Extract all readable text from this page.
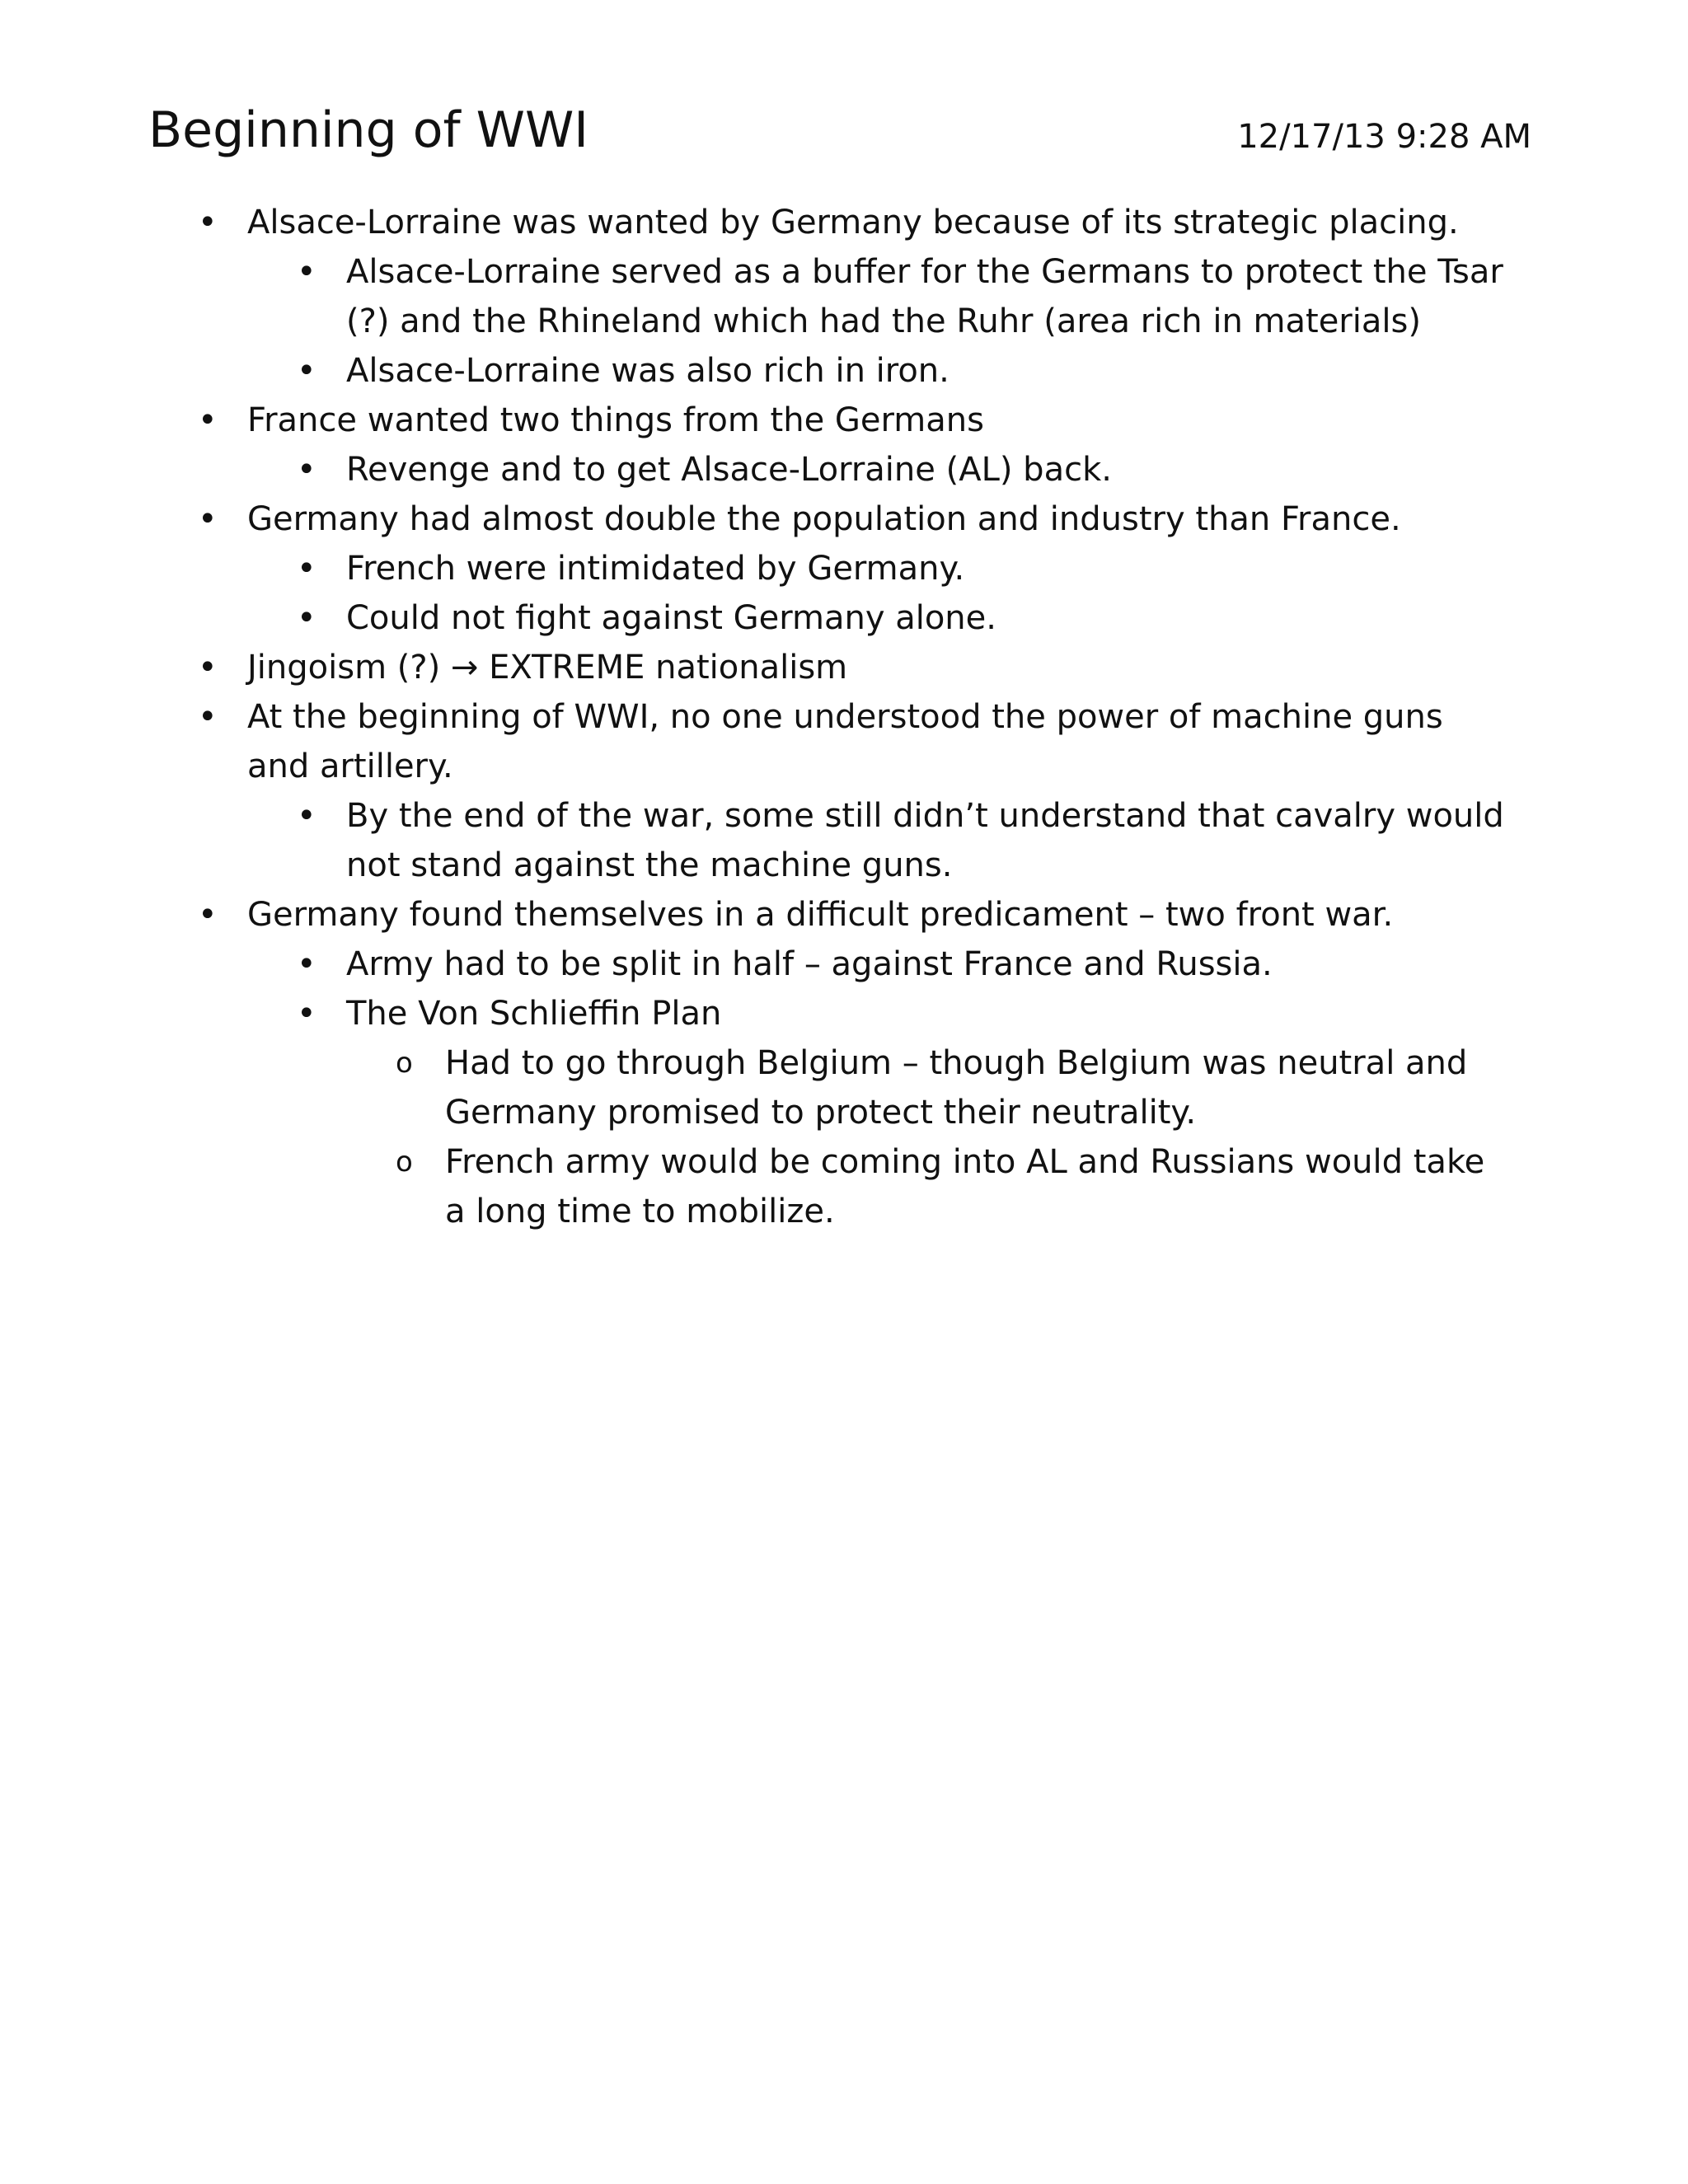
Beginning of WWI	12/17/13 9:28 AM
• Alsace-Lorraine was wanted by Germany because of its strategic placing.
• Alsace-Lorraine served as a buffer for the Germans to protect the Tsar (?) and the Rhineland which had the Ruhr (area rich in materials)
• Alsace-Lorraine was also rich in iron.
• France wanted two things from the Germans
• Revenge and to get Alsace-Lorraine (AL) back.
• Germany had almost double the population and industry than France.
• French were intimidated by Germany.
• Could not fight against Germany alone.
• Jingoism (?) → EXTREME nationalism
• At the beginning of WWI, no one understood the power of machine guns and artillery.
• By the end of the war, some still didn’t understand that cavalry would not stand against the machine guns.
• Germany found themselves in a difficult predicament – two front war.
• Army had to be split in half – against France and Russia.
• The Von Schlieffin Plan
o Had to go through Belgium – though Belgium was neutral and Germany promised to protect their neutrality.
o French army would be coming into AL and Russians would take a long time to mobilize.
